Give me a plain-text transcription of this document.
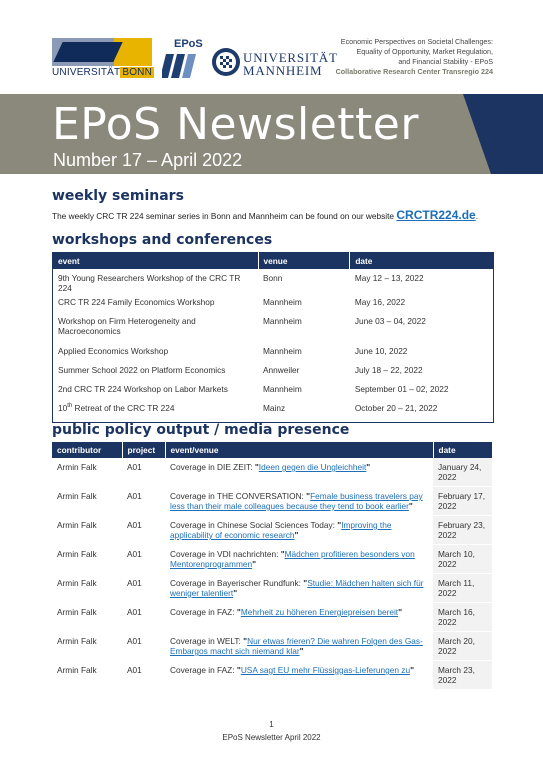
UNIVERSITÄT BONN
EPoS
UNIVERSITÄT
MANNHEIM
Economic Perspectives on Societal Challenges:
Equality of Opportunity, Market Regulation,
and Financial Stability - EPoS
Collaborative Research Center Transregio 224
EPoS Newsletter
Number 17 – April 2022
weekly seminars
The weekly CRC TR 224 seminar series in Bonn and Mannheim can be found on our website CRCTR224.de.
workshops and conferences
event	venue	date
9th Young Researchers Workshop of the CRC TR 224	Bonn	May 12 – 13, 2022
CRC TR 224 Family Economics Workshop	Mannheim	May 16, 2022
Workshop on Firm Heterogeneity and Macroeconomics	Mannheim	June 03 – 04, 2022
Applied Economics Workshop	Mannheim	June 10, 2022
Summer School 2022 on Platform Economics	Annweiler	July 18 – 22, 2022
2nd CRC TR 224 Workshop on Labor Markets	Mannheim	September 01 – 02, 2022
10th Retreat of the CRC TR 224	Mainz	October 20 – 21, 2022
public policy output / media presence
contributor	project	event/venue	date
Armin Falk	A01	Coverage in DIE ZEIT: "Ideen gegen die Ungleichheit"	January 24, 2022
Armin Falk	A01	Coverage in THE CONVERSATION: "Female business travelers pay less than their male colleagues because they tend to book earlier"	February 17, 2022
Armin Falk	A01	Coverage in Chinese Social Sciences Today: "Improving the applicability of economic research"	February 23, 2022
Armin Falk	A01	Coverage in VDI nachrichten: "Mädchen profitieren besonders von Mentorenprogrammen"	March 10, 2022
Armin Falk	A01	Coverage in Bayerischer Rundfunk: "Studie: Mädchen halten sich für weniger talentiert"	March 11, 2022
Armin Falk	A01	Coverage in FAZ: "Mehrheit zu höheren Energiepreisen bereit"	March 16, 2022
Armin Falk	A01	Coverage in WELT: "Nur etwas frieren? Die wahren Folgen des Gas-Embargos macht sich niemand klar"	March 20, 2022
Armin Falk	A01	Coverage in FAZ: "USA sagt EU mehr Flüssiggas-Lieferungen zu"	March 23, 2022
1
EPoS Newsletter April 2022
